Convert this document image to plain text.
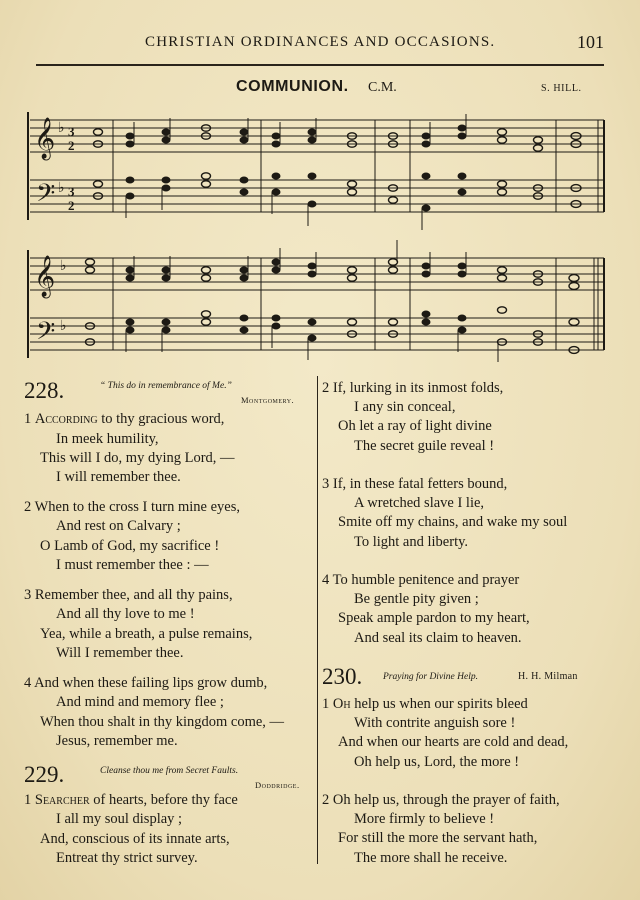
CHRISTIAN ORDINANCES AND OCCASIONS.	101
COMMUNION. C.M.	S. HILL.
𝄞
𝄢
♭
♭
3
2
3
2
𝄞
𝄢
♭
♭
228.	“ This do in remembrance of Me.”
Montgomery.
1 According to thy gracious word,
In meek humility,
This will I do, my dying Lord, —
I will remember thee.
2 When to the cross I turn mine eyes,
And rest on Calvary ;
O Lamb of God, my sacrifice !
I must remember thee : —
3 Remember thee, and all thy pains,
And all thy love to me !
Yea, while a breath, a pulse remains,
Will I remember thee.
4 And when these failing lips grow dumb,
And mind and memory flee ;
When thou shalt in thy kingdom come, —
Jesus, remember me.
229.	Cleanse thou me from Secret Faults.
Doddridge.
1 Searcher of hearts, before thy face
I all my soul display ;
And, conscious of its innate arts,
Entreat thy strict survey.
2 If, lurking in its inmost folds,
I any sin conceal,
Oh let a ray of light divine
The secret guile reveal !
3 If, in these fatal fetters bound,
A wretched slave I lie,
Smite off my chains, and wake my soul
To light and liberty.
4 To humble penitence and prayer
Be gentle pity given ;
Speak ample pardon to my heart,
And seal its claim to heaven.
230. Praying for Divine Help.	H. H. Milman
1 Oh help us when our spirits bleed
With contrite anguish sore !
And when our hearts are cold and dead,
Oh help us, Lord, the more !
2 Oh help us, through the prayer of faith,
More firmly to believe !
For still the more the servant hath,
The more shall he receive.
